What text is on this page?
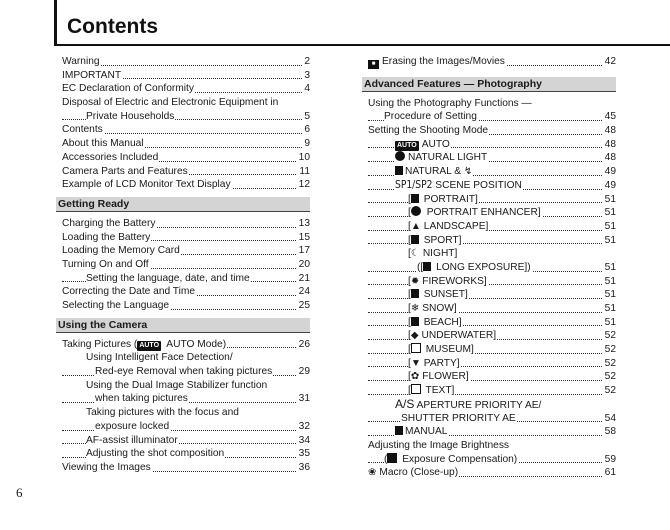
Contents
6
Warning	2
IMPORTANT	3
EC Declaration of Conformity	4
Disposal of Electric and Electronic Equipment in
Private Households	5
Contents	6
About this Manual	9
Accessories Included	10
Camera Parts and Features	11
Example of LCD Monitor Text Display	12
Getting Ready
Charging the Battery	13
Loading the Battery	15
Loading the Memory Card	17
Turning On and Off	20
Setting the language, date, and time	21
Correcting the Date and Time	24
Selecting the Language	25
Using the Camera
Taking Pictures ( AUTO AUTO Mode)	26
Using Intelligent Face Detection/
Red-eye Removal when taking pictures	29
Using the Dual Image Stabilizer function
when taking pictures	31
Taking pictures with the focus and
exposure locked	32
AF-assist illuminator	34
Adjusting the shot composition	35
Viewing the Images	36
■ Erasing the Images/Movies	42
Advanced Features — Photography
Using the Photography Functions —
Procedure of Setting	45
Setting the Shooting Mode	48
AUTO AUTO	48
NATURAL LIGHT	48
NATURAL & ↯	49
SP1/SP2 SCENE POSITION	49
[ PORTRAIT]	51
[ PORTRAIT ENHANCER]	51
[▲ LANDSCAPE]	51
[ SPORT]	51
[☾ NIGHT]
([ LONG EXPOSURE])	51
[✹ FIREWORKS]	51
[ SUNSET]	51
[❄ SNOW]	51
[ BEACH]	51
[◆ UNDERWATER]	52
[ MUSEUM]	52
[▼ PARTY]	52
[✿ FLOWER]	52
[ TEXT]	52
A/S APERTURE PRIORITY AE/
SHUTTER PRIORITY AE	54
MANUAL	58
Adjusting the Image Brightness
( Exposure Compensation)	59
❀ Macro (Close-up)	61
